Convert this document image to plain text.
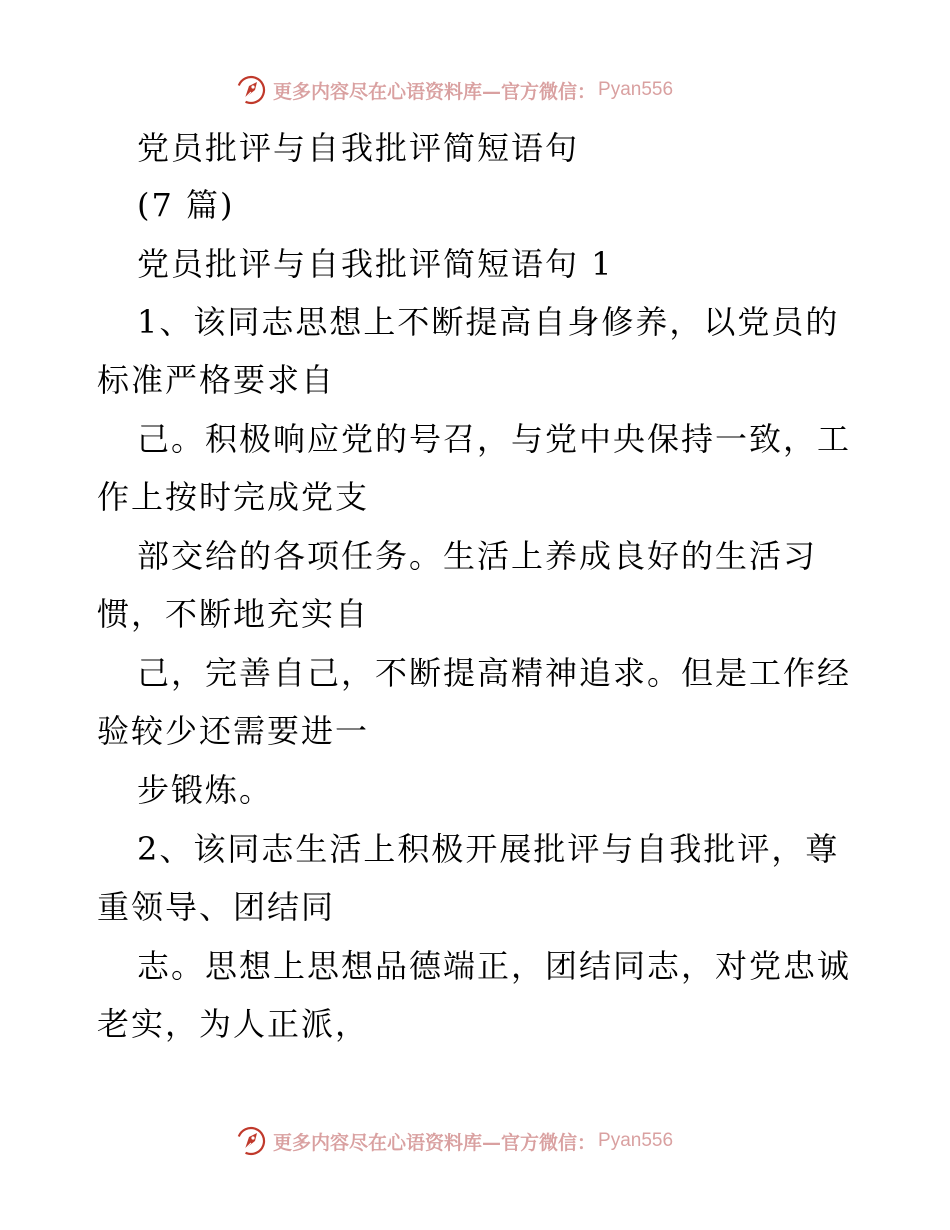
更多内容尽在心语资料库—官方微信： Pyan556
党员批评与自我批评简短语句
(7 篇)
党员批评与自我批评简短语句 1
1、该同志思想上不断提高自身修养，以党员的
标准严格要求自
己。积极响应党的号召，与党中央保持一致，工
作上按时完成党支
部交给的各项任务。生活上养成良好的生活习
惯，不断地充实自
己，完善自己，不断提高精神追求。但是工作经
验较少还需要进一
步锻炼。
2、该同志生活上积极开展批评与自我批评，尊
重领导、团结同
志。思想上思想品德端正，团结同志，对党忠诚
老实，为人正派，
更多内容尽在心语资料库—官方微信： Pyan556
